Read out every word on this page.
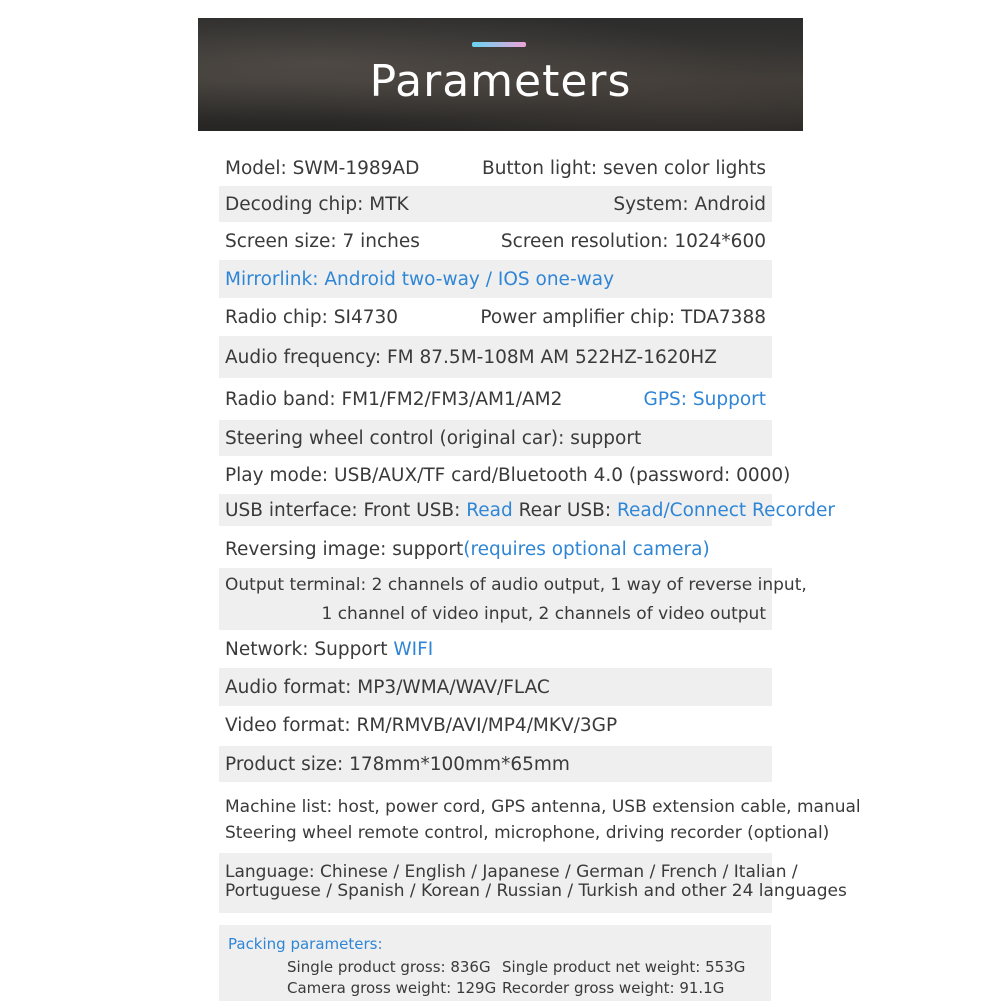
Parameters
Model: SWM-1989AD	Button light: seven color lights
Decoding chip: MTK	System: Android
Screen size: 7 inches	Screen resolution: 1024*600
Mirrorlink: Android two-way / IOS one-way
Radio chip: SI4730	Power amplifier chip: TDA7388
Audio frequency: FM 87.5M-108M AM 522HZ-1620HZ
Radio band: FM1/FM2/FM3/AM1/AM2	GPS: Support
Steering wheel control (original car): support
Play mode: USB/AUX/TF card/Bluetooth 4.0 (password: 0000)
USB interface: Front USB: Read Rear USB: Read/Connect Recorder
Reversing image: support(requires optional camera)
Output terminal: 2 channels of audio output, 1 way of reverse input,
1 channel of video input, 2 channels of video output
Network: Support WIFI
Audio format: MP3/WMA/WAV/FLAC
Video format: RM/RMVB/AVI/MP4/MKV/3GP
Product size: 178mm*100mm*65mm
Machine list: host, power cord, GPS antenna, USB extension cable, manual
Steering wheel remote control, microphone, driving recorder (optional)
Language: Chinese / English / Japanese / German / French / Italian /
Portuguese / Spanish / Korean / Russian / Turkish and other 24 languages
Packing parameters:
Single product gross: 836G Single product net weight: 553G
Camera gross weight: 129G Recorder gross weight: 91.1G
